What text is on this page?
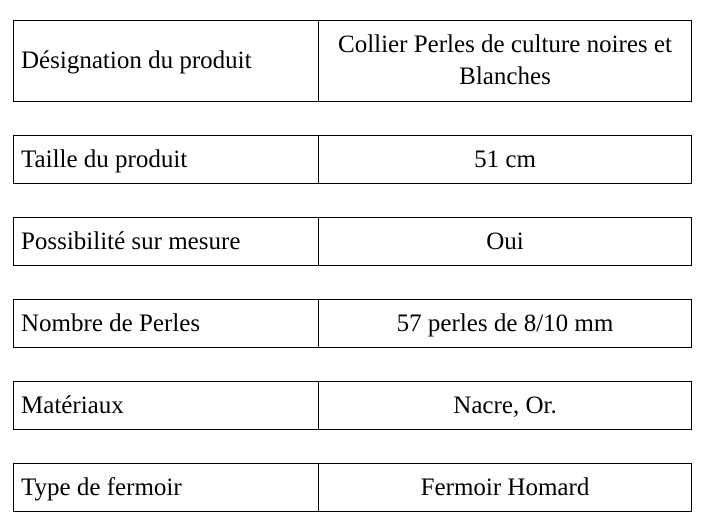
Désignation du produit	Collier Perles de culture noires et Blanches
Taille du produit	51 cm
Possibilité sur mesure	Oui
Nombre de Perles	57 perles de 8/10 mm
Matériaux	Nacre, Or.
Type de fermoir	Fermoir Homard
